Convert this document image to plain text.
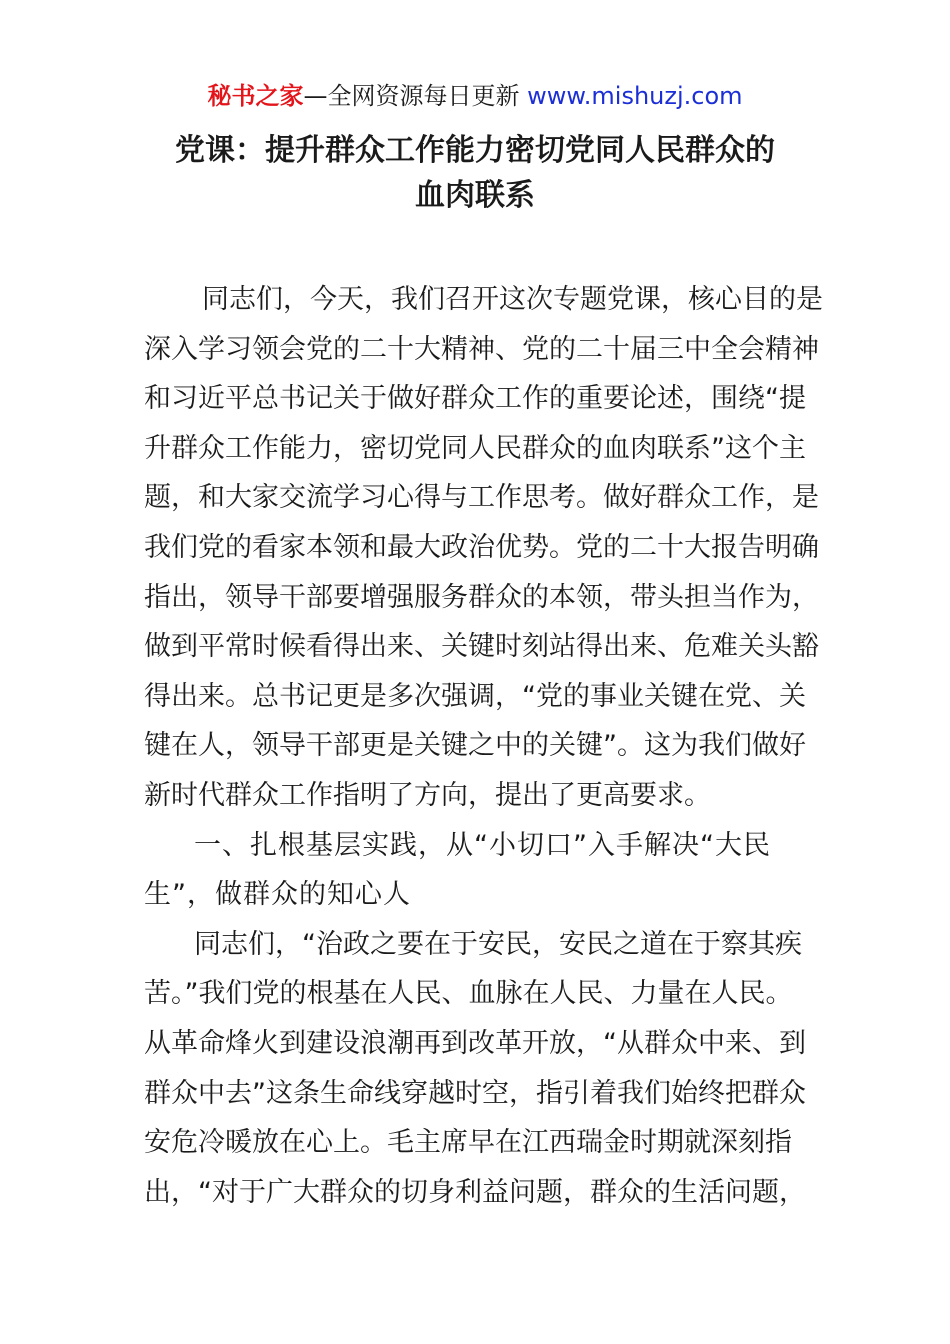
秘书之家—全网资源每日更新 www.mishuzj.com
党课：提升群众工作能力密切党同人民群众的
血肉联系
同志们，今天，我们召开这次专题党课，核心目的是
深入学习领会党的二十大精神、党的二十届三中全会精神
和习近平总书记关于做好群众工作的重要论述，围绕“提
升群众工作能力，密切党同人民群众的血肉联系”这个主
题，和大家交流学习心得与工作思考。做好群众工作，是
我们党的看家本领和最大政治优势。党的二十大报告明确
指出，领导干部要增强服务群众的本领，带头担当作为，
做到平常时候看得出来、关键时刻站得出来、危难关头豁
得出来。总书记更是多次强调，“党的事业关键在党、关
键在人，领导干部更是关键之中的关键”。这为我们做好
新时代群众工作指明了方向，提出了更高要求。
一、扎根基层实践，从“小切口”入手解决“大民
生”，做群众的知心人
同志们，“治政之要在于安民，安民之道在于察其疾
苦。”我们党的根基在人民、血脉在人民、力量在人民。
从革命烽火到建设浪潮再到改革开放，“从群众中来、到
群众中去”这条生命线穿越时空，指引着我们始终把群众
安危冷暖放在心上。毛主席早在江西瑞金时期就深刻指
出，“对于广大群众的切身利益问题，群众的生活问题，
